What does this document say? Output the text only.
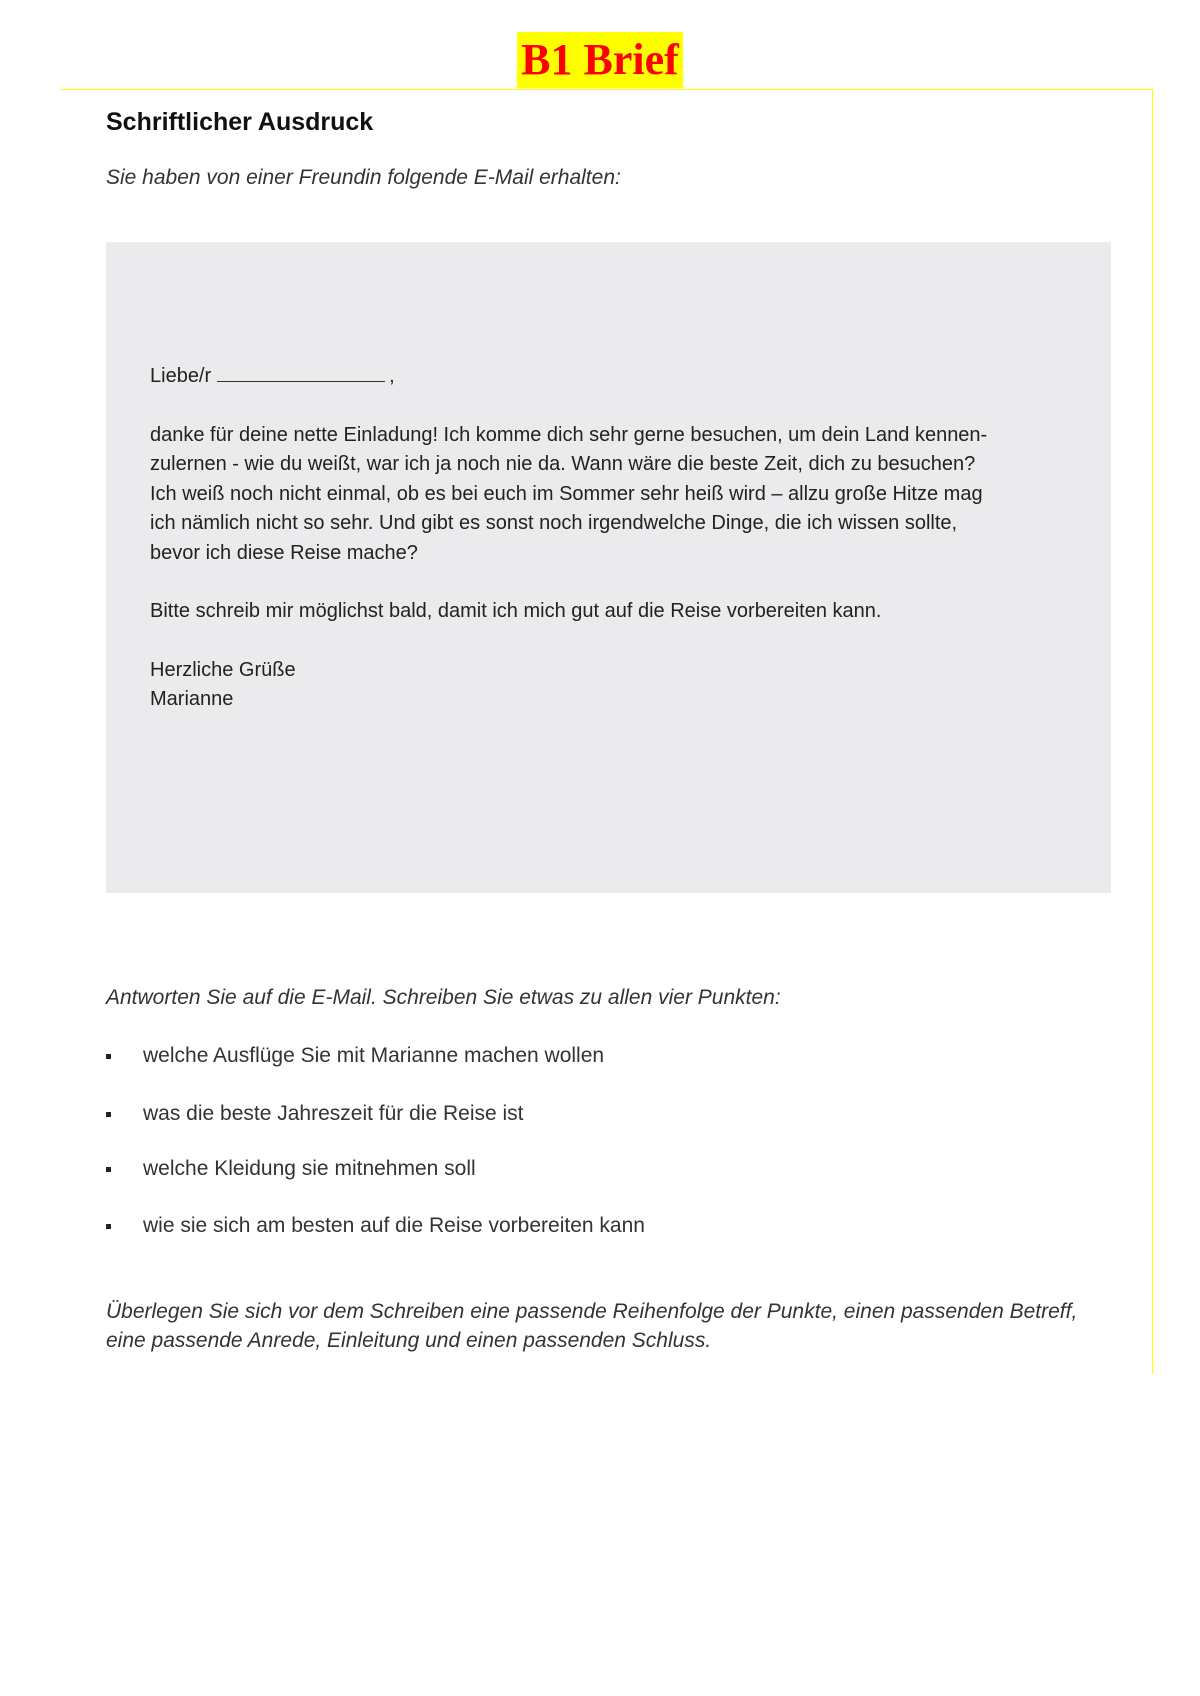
B1 Brief
Schriftlicher Ausdruck

Sie haben von einer Freundin folgende E-Mail erhalten:

Liebe/r	,

danke für deine nette Einladung! Ich komme dich sehr gerne besuchen, um dein Land kennen-
zulernen - wie du weißt, war ich ja noch nie da. Wann wäre die beste Zeit, dich zu besuchen?
Ich weiß noch nicht einmal, ob es bei euch im Sommer sehr heiß wird – allzu große Hitze mag
ich nämlich nicht so sehr. Und gibt es sonst noch irgendwelche Dinge, die ich wissen sollte,
bevor ich diese Reise mache?

Bitte schreib mir möglichst bald, damit ich mich gut auf die Reise vorbereiten kann.

Herzliche Grüße
Marianne

Antworten Sie auf die E-Mail. Schreiben Sie etwas zu allen vier Punkten:

welche Ausflüge Sie mit Marianne machen wollen
was die beste Jahreszeit für die Reise ist
welche Kleidung sie mitnehmen soll
wie sie sich am besten auf die Reise vorbereiten kann

Überlegen Sie sich vor dem Schreiben eine passende Reihenfolge der Punkte, einen passenden Betreff,
eine passende Anrede, Einleitung und einen passenden Schluss.
